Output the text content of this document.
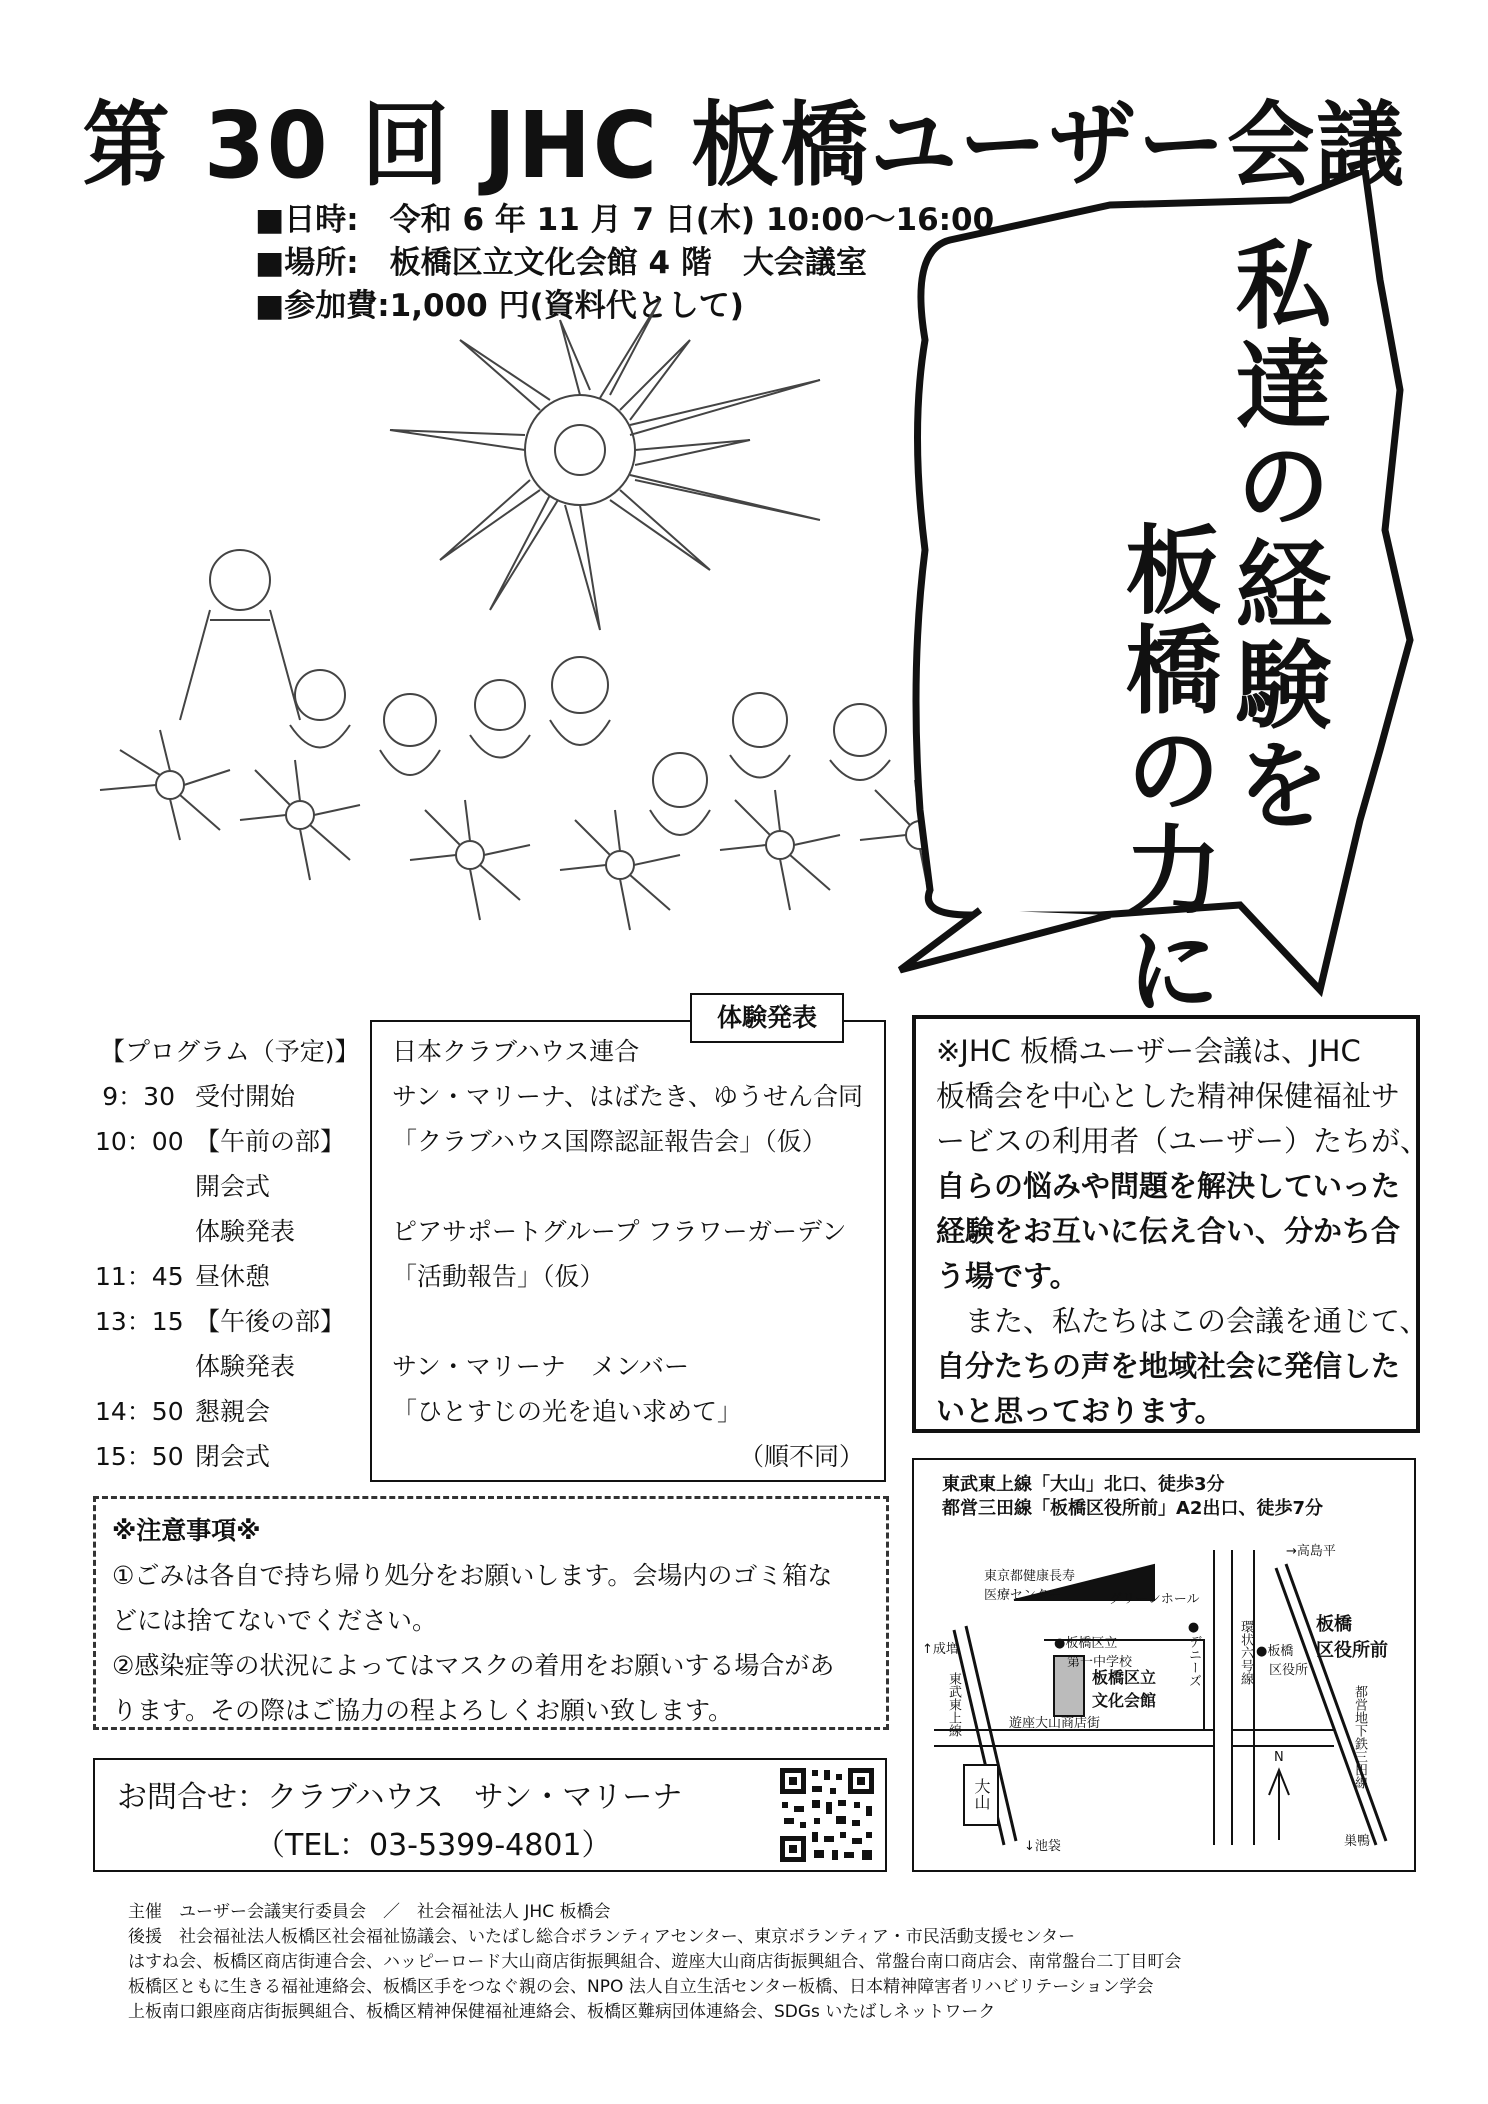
第 30 回 JHC 板橋ユーザー会議
■日時:　令和 6 年 11 月 7 日(木) 10:00～16:00
■場所:　板橋区立文化会館 4 階　大会議室
■参加費:1,000 円(資料代として)	私達の経験を
板橋の力に
【プログラム（予定)】
9：30 受付開始
10：00 【午前の部】
開会式
体験発表
11：45 昼休憩
13：15 【午後の部】
体験発表
14：50 懇親会
15：50 閉会式
日本クラブハウス連合
サン・マリーナ、はばたき、ゆうせん合同
「クラブハウス国際認証報告会」（仮）
ピアサポートグループ フラワーガーデン
「活動報告」（仮）
サン・マリーナ　メンバー
「ひとすじの光を追い求めて」
（順不同）
体験発表
※JHC 板橋ユーザー会議は、JHC
板橋会を中心とした精神保健福祉サ
ービスの利用者（ユーザー）たちが、
自らの悩みや問題を解決していった
経験をお互いに伝え合い、分かち合
う場です。
　また、私たちはこの会議を通じて、
自分たちの声を地域社会に発信した
いと思っております。
※注意事項※
①ごみは各自で持ち帰り処分をお願いします。会場内のゴミ箱な
どには捨てないでください。
②感染症等の状況によってはマスクの着用をお願いする場合があ
ります。その際はご協力の程よろしくお願い致します。
お問合せ：クラブハウス　サン・マリーナ
（TEL：03-5399-4801）
東武東上線「大山」北口、徒歩3分
都営三田線「板橋区役所前」A2出口、徒歩7分
東京都健康長寿
医療センター	グリーンホール
↑成増
東武東上線
●板橋区立
　第一中学校	●デニーズ	環状六号線 ●板橋
　区役所
→高島平
板橋
区役所前
都営地下鉄三田線
板橋区立
文化会館
遊座大山商店街
大山
↓池袋	巣鴨
N
主催　ユーザー会議実行委員会　／　社会福祉法人 JHC 板橋会
後援　社会福祉法人板橋区社会福祉協議会、いたばし総合ボランティアセンター、東京ボランティア・市民活動支援センター
はすね会、板橋区商店街連合会、ハッピーロード大山商店街振興組合、遊座大山商店街振興組合、常盤台南口商店会、南常盤台二丁目町会
板橋区ともに生きる福祉連絡会、板橋区手をつなぐ親の会、NPO 法人自立生活センター板橋、日本精神障害者リハビリテーション学会
上板南口銀座商店街振興組合、板橋区精神保健福祉連絡会、板橋区難病団体連絡会、SDGs いたばしネットワーク
